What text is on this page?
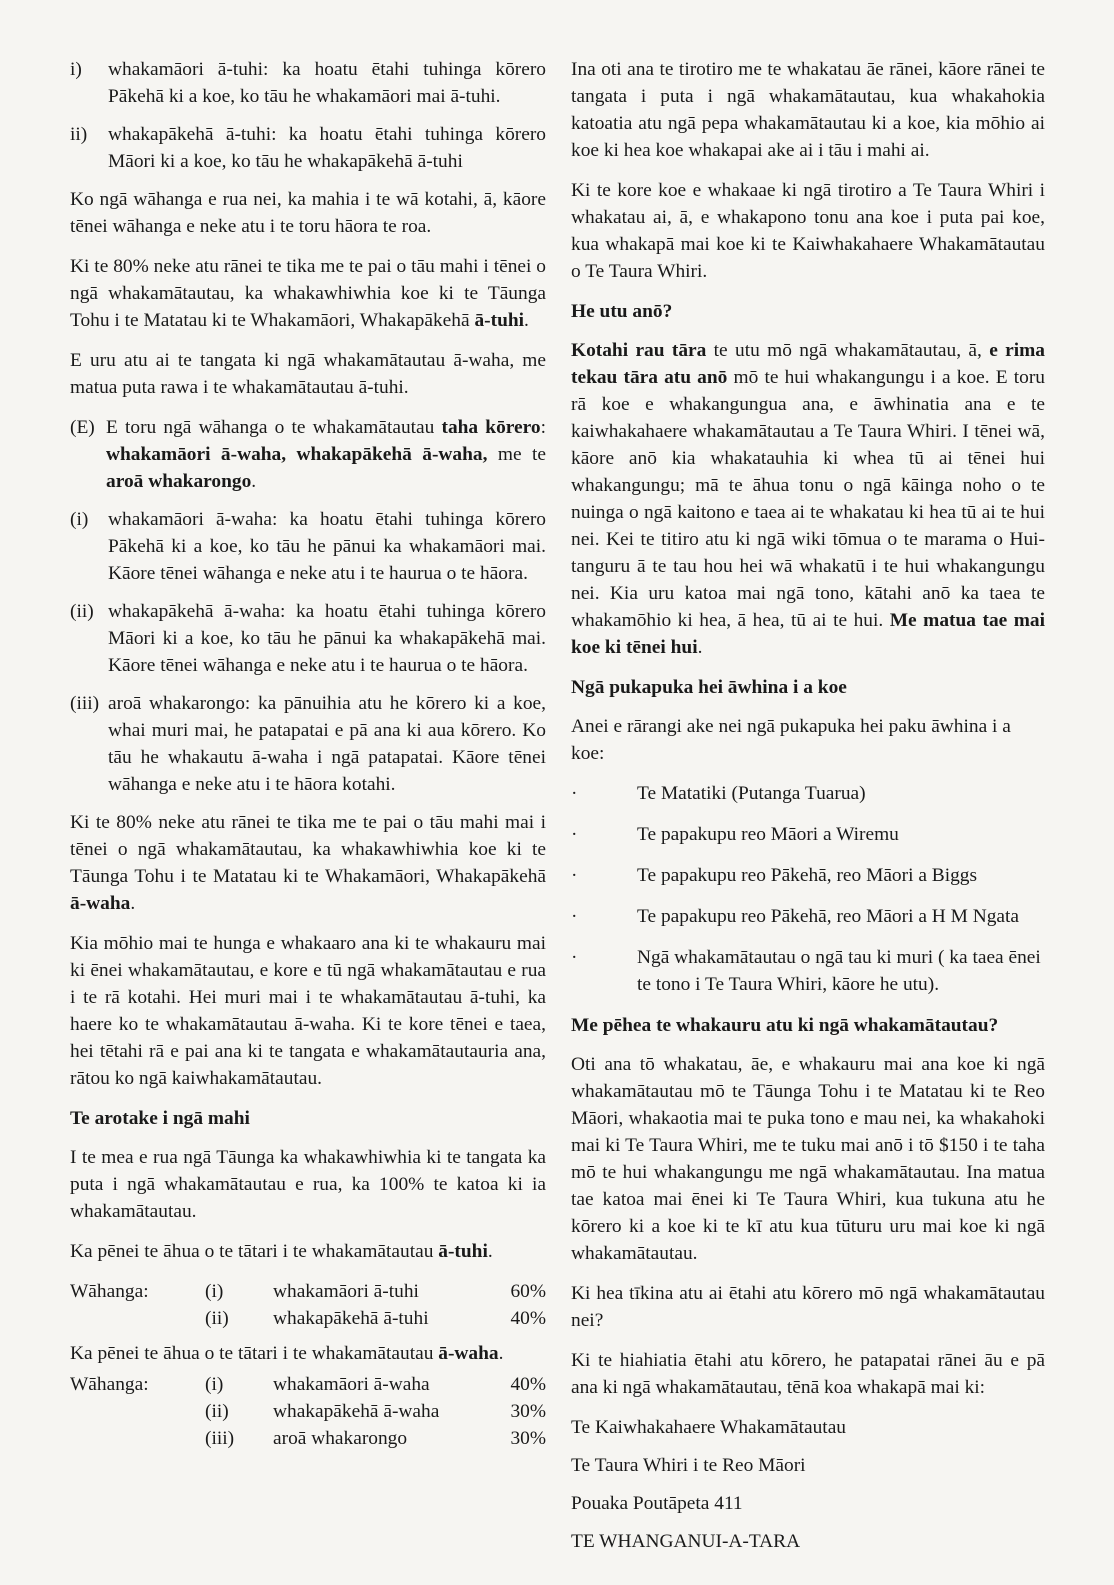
i)	whakamāori ā-tuhi: ka hoatu ētahi tuhinga kōrero Pākehā ki a koe, ko tāu he whakamāori mai ā-tuhi.
ii)	whakapākehā ā-tuhi: ka hoatu ētahi tuhinga kōrero Māori ki a koe, ko tāu he whakapākehā ā-tuhi

Ko ngā wāhanga e rua nei, ka mahia i te wā kotahi, ā, kāore tēnei wāhanga e neke atu i te toru hāora te roa.

Ki te 80% neke atu rānei te tika me te pai o tāu mahi i tēnei o ngā whakamātautau, ka whakawhiwhia koe ki te Tāunga Tohu i te Matatau ki te Whakamāori, Whakapākehā ā-tuhi.

E uru atu ai te tangata ki ngā whakamātautau ā-waha, me matua puta rawa i te whakamātautau ā-tuhi.

(E) E toru ngā wāhanga o te whakamātautau taha kōrero: whakamāori ā-waha, whakapākehā ā-waha, me te aroā whakarongo.
(i)	whakamāori ā-waha: ka hoatu ētahi tuhinga kōrero Pākehā ki a koe, ko tāu he pānui ka whakamāori mai. Kāore tēnei wāhanga e neke atu i te hauruа o te hāora.
(ii) whakapākehā ā-waha: ka hoatu ētahi tuhinga kōrero Māori ki a koe, ko tāu he pānui ka whakapākehā mai. Kāore tēnei wāhanga e neke atu i te haurua o te hāora.
(iii) aroā whakarongo: ka pānuihia atu he kōrero ki a koe, whai muri mai, he patapatai e pā ana ki aua kōrero. Ko tāu he whakautu ā-waha i ngā patapatai. Kāore tēnei wāhanga e neke atu i te hāora kotahi.

Ki te 80% neke atu rānei te tika me te pai o tāu mahi mai i tēnei o ngā whakamātautau, ka whakawhiwhia koe ki te Tāunga Tohu i te Matatau ki te Whakamāori, Whakapākehā ā-waha.

Kia mōhio mai te hunga e whakaaro ana ki te whakauru mai ki ēnei whakamātautau, e kore e tū ngā whakamātautau e rua i te rā kotahi. Hei muri mai i te whakamātautau ā-tuhi, ka haere ko te whakamātautau ā-waha. Ki te kore tēnei e taea, hei tētahi rā e pai ana ki te tangata e whakamātautauria ana, rātou ko ngā kaiwhakamātautau.

Te arotake i ngā mahi

I te mea e rua ngā Tāunga ka whakawhiwhia ki te tangata ka puta i ngā whakamātautau e rua, ka 100% te katoa ki ia whakamātautau.

Ka pēnei te āhua o te tātari i te whakamātautau ā-tuhi.

Wāhanga:	(i)	whakamāori ā-tuhi	60%
	(ii)	whakapākehā ā-tuhi	40%

Ka pēnei te āhua o te tātari i te whakamātautau ā-waha.

Wāhanga:	(i)	whakamāori ā-waha	40%
	(ii)	whakapākehā ā-waha	30%
	(iii)	aroā whakarongo	30%

Ina oti ana te tirotiro me te whakatau āe rānei, kāore rānei te tangata i puta i ngā whakamātautau, kua whakahokia katoatia atu ngā pepa whakamātautau ki a koe, kia mōhio ai koe ki hea koe whakapai ake ai i tāu i mahi ai.

Ki te kore koe e whakaae ki ngā tirotiro a Te Taura Whiri i whakatau ai, ā, e whakapono tonu ana koe i puta pai koe, kua whakapā mai koe ki te Kaiwhakahaere Whakamātautau o Te Taura Whiri.

He utu anō?

Kotahi rau tāra te utu mō ngā whakamātautau, ā, e rima tekau tāra atu anō mō te hui whakangungu i a koe. E toru rā koe e whakangungua ana, e āwhinatia ana e te kaiwhakahaere whakamātautau a Te Taura Whiri. I tēnei wā, kāore anō kia whakatauhia ki whea tū ai tēnei hui whakangungu; mā te āhua tonu o ngā kāinga noho o te nuinga o ngā kaitono e taea ai te whakatau ki hea tū ai te hui nei. Kei te titiro atu ki ngā wiki tōmua o te marama o Hui-tanguru ā te tau hou hei wā whakatū i te hui whakangungu nei. Kia uru katoa mai ngā tono, kātahi anō ka taea te whakamōhio ki hea, ā hea, tū ai te hui. Me matua tae mai koe ki tēnei hui.

Ngā pukapuka hei āwhina i a koe

Anei e rārangi ake nei ngā pukapuka hei paku āwhina i a koe:

·	Te Matatiki (Putanga Tuarua)
·	Te papakupu reo Māori a Wiremu
·	Te papakupu reo Pākehā, reo Māori a Biggs
·	Te papakupu reo Pākehā, reo Māori a H M Ngata
·	Ngā whakamātautau o ngā tau ki muri ( ka taea ēnei te tono i Te Taura Whiri, kāore he utu).
Me pēhea te whakauru atu ki ngā whakamātautau?

Oti ana tō whakatau, āe, e whakauru mai ana koe ki ngā whakamātautau mō te Tāunga Tohu i te Matatau ki te Reo Māori, whakaotia mai te puka tono e mau nei, ka whakahoki mai ki Te Taura Whiri, me te tuku mai anō i tō $150 i te taha mō te hui whakangungu me ngā whakamātautau. Ina matua tae katoa mai ēnei ki Te Taura Whiri, kua tukuna atu he kōrero ki a koe ki te kī atu kua tūturu uru mai koe ki ngā whakamātautau.

Ki hea tīkina atu ai ētahi atu kōrero mō ngā whakamātautau nei?

Ki te hiahiatia ētahi atu kōrero, he patapatai rānei āu e pā ana ki ngā whakamātautau, tēnā koa whakapā mai ki:

Te Kaiwhakahaere Whakamātautau
Te Taura Whiri i te Reo Māori
Pouaka Poutāpeta 411
TE WHANGANUI-A-TARA
